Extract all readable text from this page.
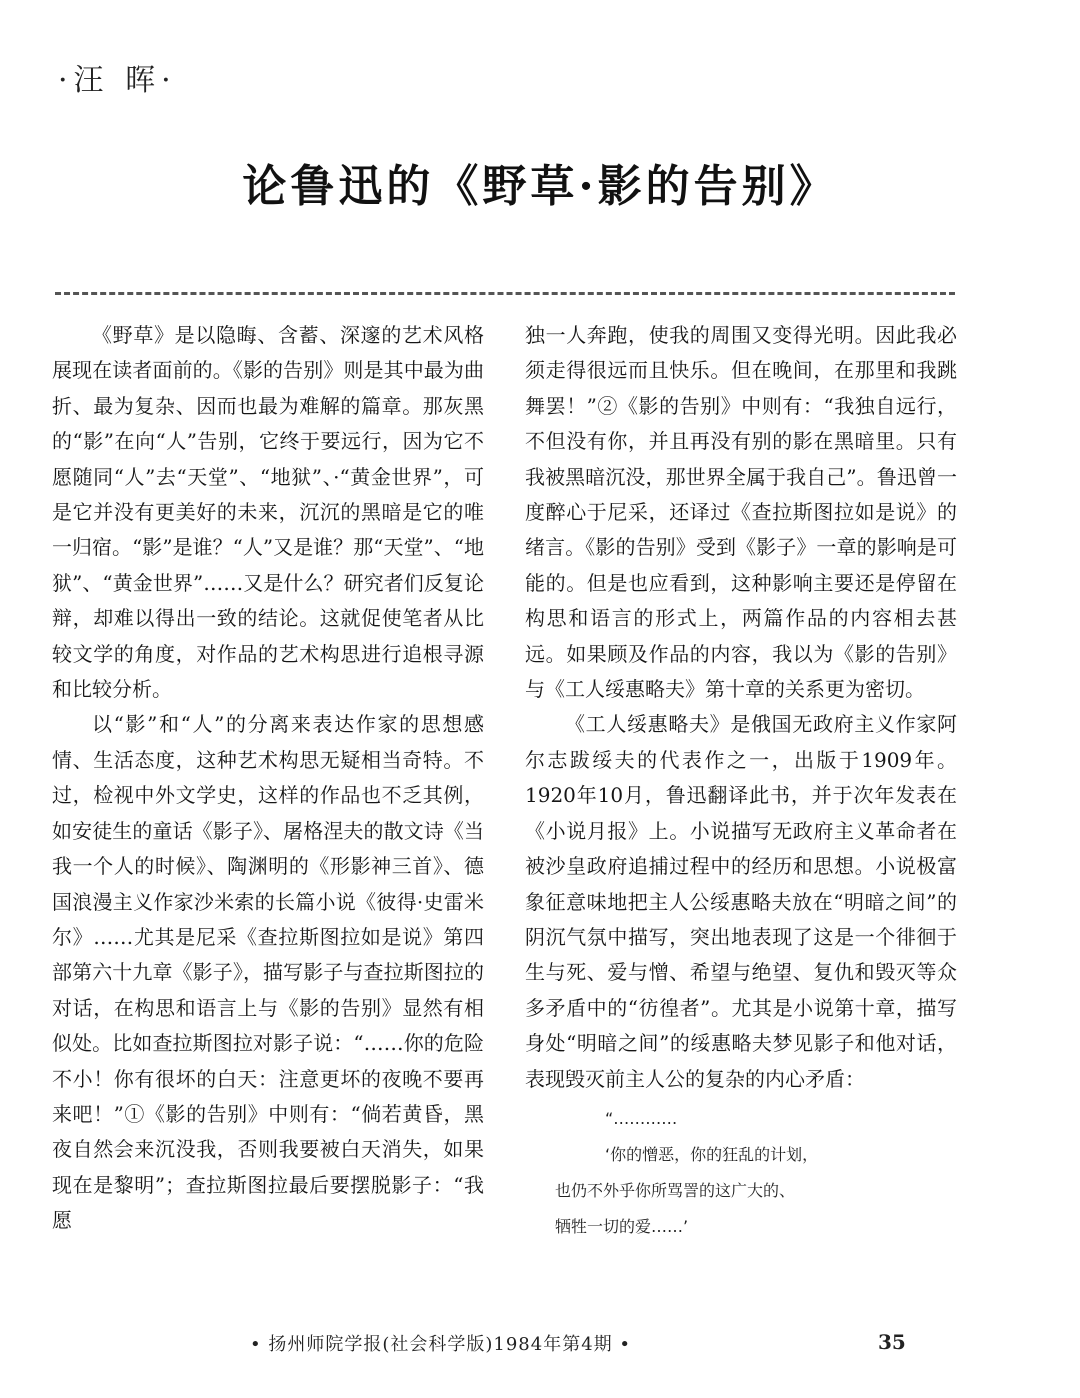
·汪 晖·
论鲁迅的《野草·影的告别》

《野草》是以隐晦、含蓄、深邃的艺术风格展现在读者面前的。《影的告别》则是其中最为曲折、最为复杂、因而也最为难解的篇章。那灰黑的“影”在向“人”告别，它终于要远行，因为它不愿随同“人”去“天堂”、“地狱”、·“黄金世界”，可是它并没有更美好的未来，沉沉的黑暗是它的唯一归宿。“影”是谁？“人”又是谁？那“天堂”、“地狱”、“黄金世界”……又是什么？研究者们反复论辩，却难以得出一致的结论。这就促使笔者从比较文学的角度，对作品的艺术构思进行追根寻源和比较分析。

以“影”和“人”的分离来表达作家的思想感情、生活态度，这种艺术构思无疑相当奇特。不过，检视中外文学史，这样的作品也不乏其例，如安徒生的童话《影子》、屠格涅夫的散文诗《当我一个人的时候》、陶渊明的《形影神三首》、德国浪漫主义作家沙米索的长篇小说《彼得·史雷米尔》……尤其是尼采《查拉斯图拉如是说》第四部第六十九章《影子》，描写影子与查拉斯图拉的对话，在构思和语言上与《影的告别》显然有相似处。比如查拉斯图拉对影子说：“……你的危险不小！你有很坏的白天：注意更坏的夜晚不要再来吧！”①《影的告别》中则有：“倘若黄昏，黑夜自然会来沉没我，否则我要被白天消失，如果现在是黎明”；查拉斯图拉最后要摆脱影子：“我愿

独一人奔跑，使我的周围又变得光明。因此我必须走得很远而且快乐。但在晚间，在那里和我跳舞罢！”②《影的告别》中则有：“我独自远行，不但没有你，并且再没有别的影在黑暗里。只有我被黑暗沉没，那世界全属于我自己”。鲁迅曾一度醉心于尼采，还译过《查拉斯图拉如是说》的绪言。《影的告别》受到《影子》一章的影响是可能的。但是也应看到，这种影响主要还是停留在构思和语言的形式上，两篇作品的内容相去甚远。如果顾及作品的内容，我以为《影的告别》与《工人绥惠略夫》第十章的关系更为密切。

《工人绥惠略夫》是俄国无政府主义作家阿尔志跋绥夫的代表作之一，出版于1909年。1920年10月，鲁迅翻译此书，并于次年发表在《小说月报》上。小说描写无政府主义革命者在被沙皇政府追捕过程中的经历和思想。小说极富象征意味地把主人公绥惠略夫放在“明暗之间”的阴沉气氛中描写，突出地表现了这是一个徘徊于生与死、爱与憎、希望与绝望、复仇和毁灭等众多矛盾中的“彷徨者”。尤其是小说第十章，描写身处“明暗之间”的绥惠略夫梦见影子和他对话，表现毁灭前主人公的复杂的内心矛盾：

“…………
‘你的憎恶，你的狂乱的计划，
也仍不外乎你所骂詈的这广大的、
牺牲一切的爱……’
• 扬州师院学报(社会科学版)1984年第4期 •	35
